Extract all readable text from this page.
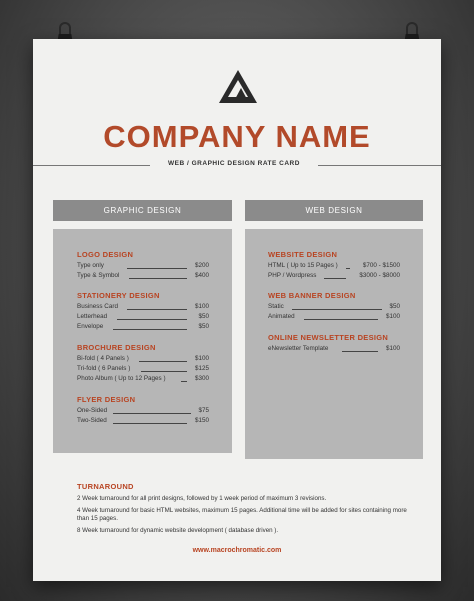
COMPANY NAME
WEB / GRAPHIC DESIGN RATE CARD
GRAPHIC DESIGN	WEB DESIGN
LOGO DESIGN
Type only	$200
Type & Symbol	$400
STATIONERY DESIGN
Business Card	$100
Letterhead	$50
Envelope	$50
BROCHURE DESIGN
Bi-fold ( 4 Panels )	$100
Tri-fold ( 6 Panels )	$125
Photo Album ( Up to 12 Pages )	$300
FLYER DESIGN
One-Sided	$75
Two-Sided	$150
WEBSITE DESIGN
HTML ( Up to 15 Pages )	$700 - $1500
PHP / Wordpress	$3000 - $8000
WEB BANNER DESIGN
Static	$50
Animated	$100
ONLINE NEWSLETTER DESIGN
eNewsletter Template	$100
TURNAROUND
2 Week turnaround for all print designs, followed by 1 week period of maximum 3 revisions.
4 Week turnaround for basic HTML websites, maximum 15 pages. Additional time will be added for sites containing more than 15 pages.
8 Week turnaround for dynamic website development ( database driven ).
www.macrochromatic.com
